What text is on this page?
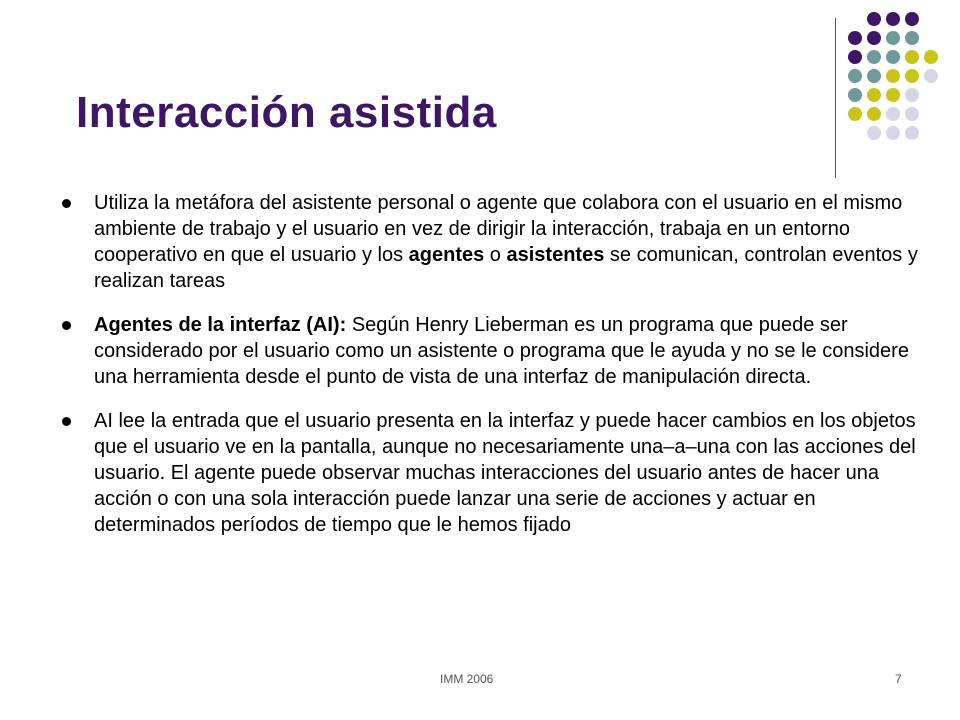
Interacción asistida
Utiliza la metáfora del asistente personal o agente que colabora con el usuario en el mismo ambiente de trabajo y el usuario en vez de dirigir la interacción, trabaja en un entorno cooperativo en que el usuario y los agentes o asistentes se comunican, controlan eventos y realizan tareas
Agentes de la interfaz (AI): Según Henry Lieberman es un programa que puede ser considerado por el usuario como un asistente o programa que le ayuda y no se le considere una herramienta desde el punto de vista de una interfaz de manipulación directa.
AI lee la entrada que el usuario presenta en la interfaz y puede hacer cambios en los objetos que el usuario ve en la pantalla, aunque no necesariamente una–a–una con las acciones del usuario. El agente puede observar muchas interacciones del usuario antes de hacer una acción o con una sola interacción puede lanzar una serie de acciones y actuar en determinados períodos de tiempo que le hemos fijado
IMM 2006	7
